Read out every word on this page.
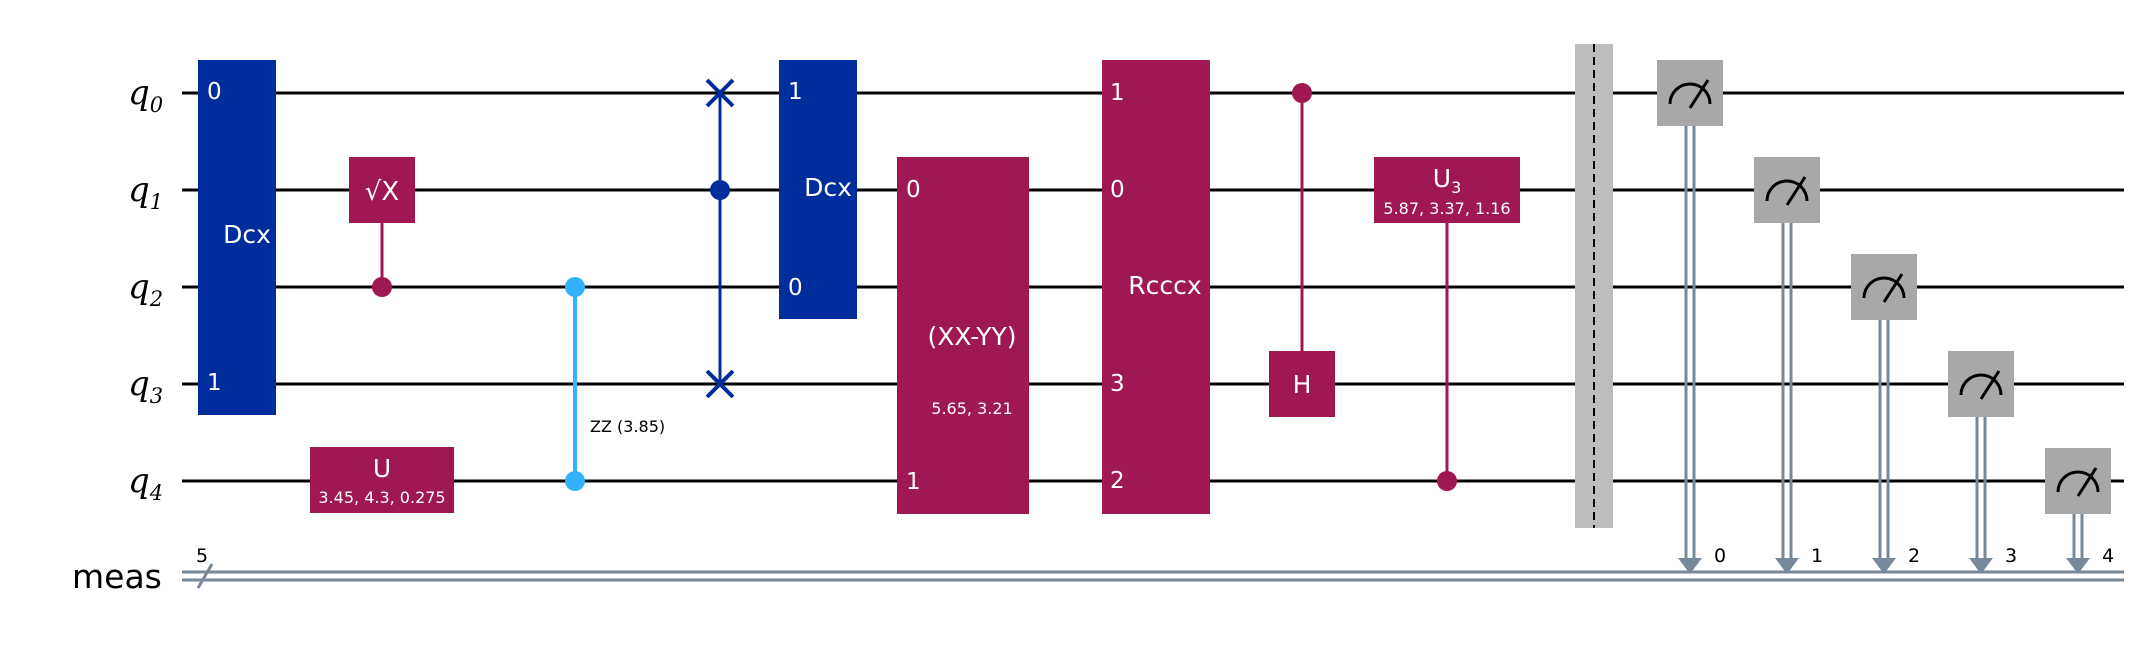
$q_0$
$q_1$
$q_2$
$q_3$
$q_4$
meas
5
0
1
Dcx
√X
U
3.45, 4.3, 0.275
ZZ (3.85)
1
0
Dcx 0
1
(XX-YY)
5.65, 3.21
1
0
3
2
Rcccx
H
$U_3$
5.87, 3.37, 1.16
0	1	2	3	4
